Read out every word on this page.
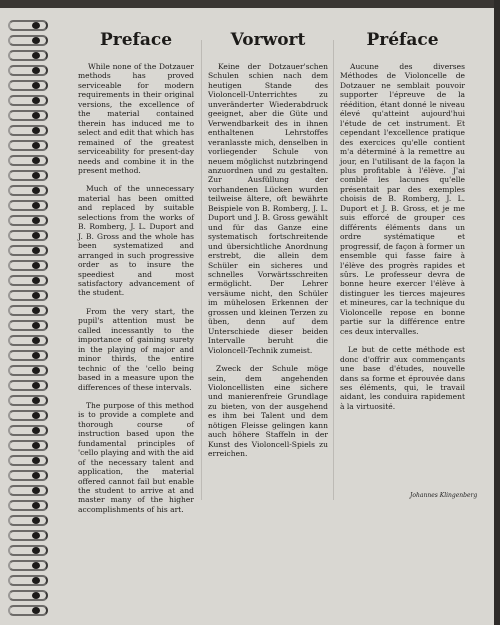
Preface

While none of the Dotzauer methods has proved serviceable for modern requirements in their original versions, the excellence of the material contained therein has induced me to select and edit that which has remained of the greatest serviceability for present-day needs and combine it in the present method.

Much of the unnecessary material has been omitted and replaced by suitable selections from the works of B. Romberg, J. L. Duport and J. B. Gross and the whole has been systematized and arranged in such progressive order as to insure the speediest and most satisfactory advancement of the student.

From the very start, the pupil's attention must be called incessantly to the importance of gaining surety in the playing of major and minor thirds, the entire technic of the 'cello being based in a measure upon the differences of these intervals.

The purpose of this method is to provide a complete and thorough course of instruction based upon the fundamental principles of 'cello playing and with the aid of the necessary talent and application, the material offered cannot fail but enable the student to arrive at and master many of the higher accomplishments of his art.

Vorwort

Keine der Dotzauer'schen Schulen schien nach dem heutigen Stande des Violoncell-Unterrichtes zu unveränderter Wiederabdruck geeignet, aber die Güte und Verwendbarkeit des in ihnen enthaltenen Lehrstoffes veranlasste mich, denselben in vorliegender Schule von neuem möglichst nutzbringend anzuordnen und zu gestalten. Zur Ausfüllung der vorhandenen Lücken wurden teilweise ältere, oft bewährte Beispiele von B. Romberg, J. L. Duport und J. B. Gross gewählt und für das Ganze eine systematisch fortschreitende und übersichtliche Anordnung erstrebt, die allein dem Schüler ein sicheres und schnelles Vorwärtsschreiten ermöglicht. Der Lehrer versäume nicht, den Schüler im mühelosen Erkennen der grossen und kleinen Terzen zu üben, denn auf dem Unterschiede dieser beiden Intervalle beruht die Violoncell-Technik zumeist.

Zweck der Schule möge sein, dem angehenden Violoncellisten eine sichere und manierenfreie Grundlage zu bieten, von der ausgehend es ihm bei Talent und dem nötigen Fleisse gelingen kann auch höhere Staffeln in der Kunst des Violoncell-Spiels zu erreichen.

Préface

Aucune des diverses Méthodes de Violoncelle de Dotzauer ne semblait pouvoir supporter l'épreuve de la réédition, étant donné le niveau élevé qu'atteint aujourd'hui l'étude de cet instrument. Et cependant l'excellence pratique des exercices qu'elle contient m'a déterminé à la remettre au jour, en l'utilisant de la façon la plus profitable à l'élève. J'ai comblé les lacunes qu'elle présentait par des exemples choisis de B. Romberg, J. L. Duport et J. B. Gross, et je me suis efforcé de grouper ces différents éléments dans un ordre systématique et progressif, de façon à former un ensemble qui fasse faire à l'élève des progrès rapides et sûrs. Le professeur devra de bonne heure exercer l'élève à distinguer les tierces majeures et mineures, car la technique du Violoncelle repose en bonne partie sur la différence entre ces deux intervalles.

Le but de cette méthode est donc d'offrir aux commençants une base d'études, nouvelle dans sa forme et éprouvée dans ses éléments, qui, le travail aidant, les conduira rapidement à la virtuosité.

Johannes Klingenberg
